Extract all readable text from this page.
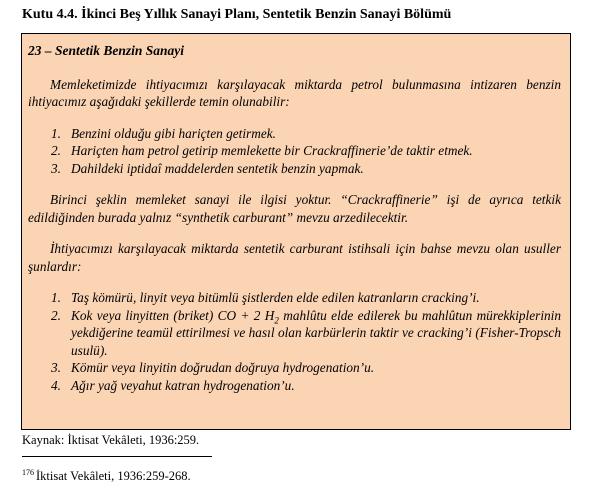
Kutu 4.4. İkinci Beş Yıllık Sanayi Planı, Sentetik Benzin Sanayi Bölümü

23 – Sentetik Benzin Sanayi

Memleketimizde ihtiyacımızı karşılayacak miktarda petrol bulunmasına intizaren benzin ihtiyacımız aşağıdaki şekillerde temin olunabilir:

1. Benzini olduğu gibi hariçten getirmek.
2. Hariçten ham petrol getirip memlekette bir Crackraffinerie’de taktir etmek.
3. Dahildeki iptidaî maddelerden sentetik benzin yapmak.

Birinci şeklin memleket sanayi ile ilgisi yoktur. “Crackraffinerie” işi de ayrıca tetkik edildiğinden burada yalnız “synthetik carburant” mevzu arzedilecektir.

İhtiyacımızı karşılayacak miktarda sentetik carburant istihsali için bahse mevzu olan usuller şunlardır:

1. Taş kömürü, linyit veya bitümlü şistlerden elde edilen katranların cracking’i.
2. Kok veya linyitten (briket) CO + 2 $H_2$ mahlûtu elde edilerek bu mahlûtun mürekkiplerinin yekdiğerine teamül ettirilmesi ve hasıl olan karbürlerin taktir ve cracking’i (Fisher-Tropsch usulü).
3. Kömür veya linyitin doğrudan doğruya hydrogenation’u.
4. Ağır yağ veyahut katran hydrogenation’u.
Kaynak: İktisat Vekâleti, 1936:259.
$^{176}$ İktisat Vekâleti, 1936:259-268.
